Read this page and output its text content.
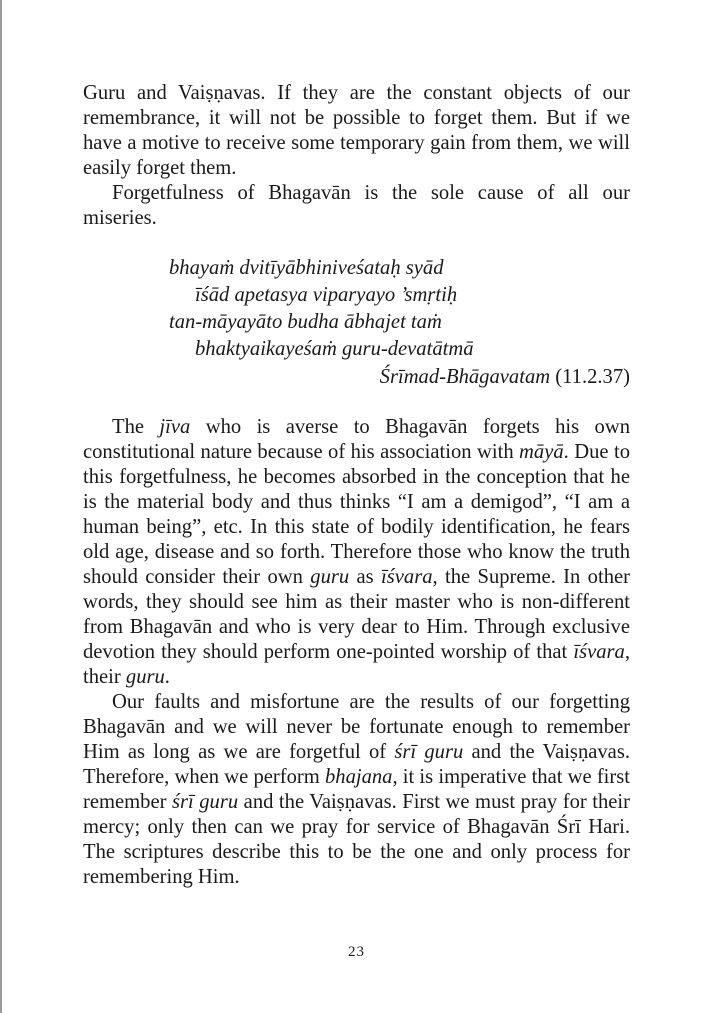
Guru and Vaiṣṇavas. If they are the constant objects of our remembrance, it will not be possible to forget them. But if we have a motive to receive some temporary gain from them, we will easily forget them.

Forgetfulness of Bhagavān is the sole cause of all our miseries.

bhayaṁ dvitīyābhiniveśataḥ syād
īśād apetasya viparyayo ’smṛtiḥ
tan-māyayāto budha ābhajet taṁ
bhaktyaikayeśaṁ guru-devatātmā
Śrīmad-Bhāgavatam (11.2.37)

The jīva who is averse to Bhagavān forgets his own constitutional nature because of his association with māyā. Due to this forgetfulness, he becomes absorbed in the conception that he is the material body and thus thinks “I am a demigod”, “I am a human being”, etc. In this state of bodily identification, he fears old age, disease and so forth. Therefore those who know the truth should consider their own guru as īśvara, the Supreme. In other words, they should see him as their master who is non-different from Bhagavān and who is very dear to Him. Through exclusive devotion they should perform one-pointed worship of that īśvara, their guru.

Our faults and misfortune are the results of our forgetting Bhagavān and we will never be fortunate enough to remember Him as long as we are forgetful of śrī guru and the Vaiṣṇavas. Therefore, when we perform bhajana, it is imperative that we first remember śrī guru and the Vaiṣṇavas. First we must pray for their mercy; only then can we pray for service of Bhagavān Śrī Hari. The scriptures describe this to be the one and only process for remembering Him.

23
